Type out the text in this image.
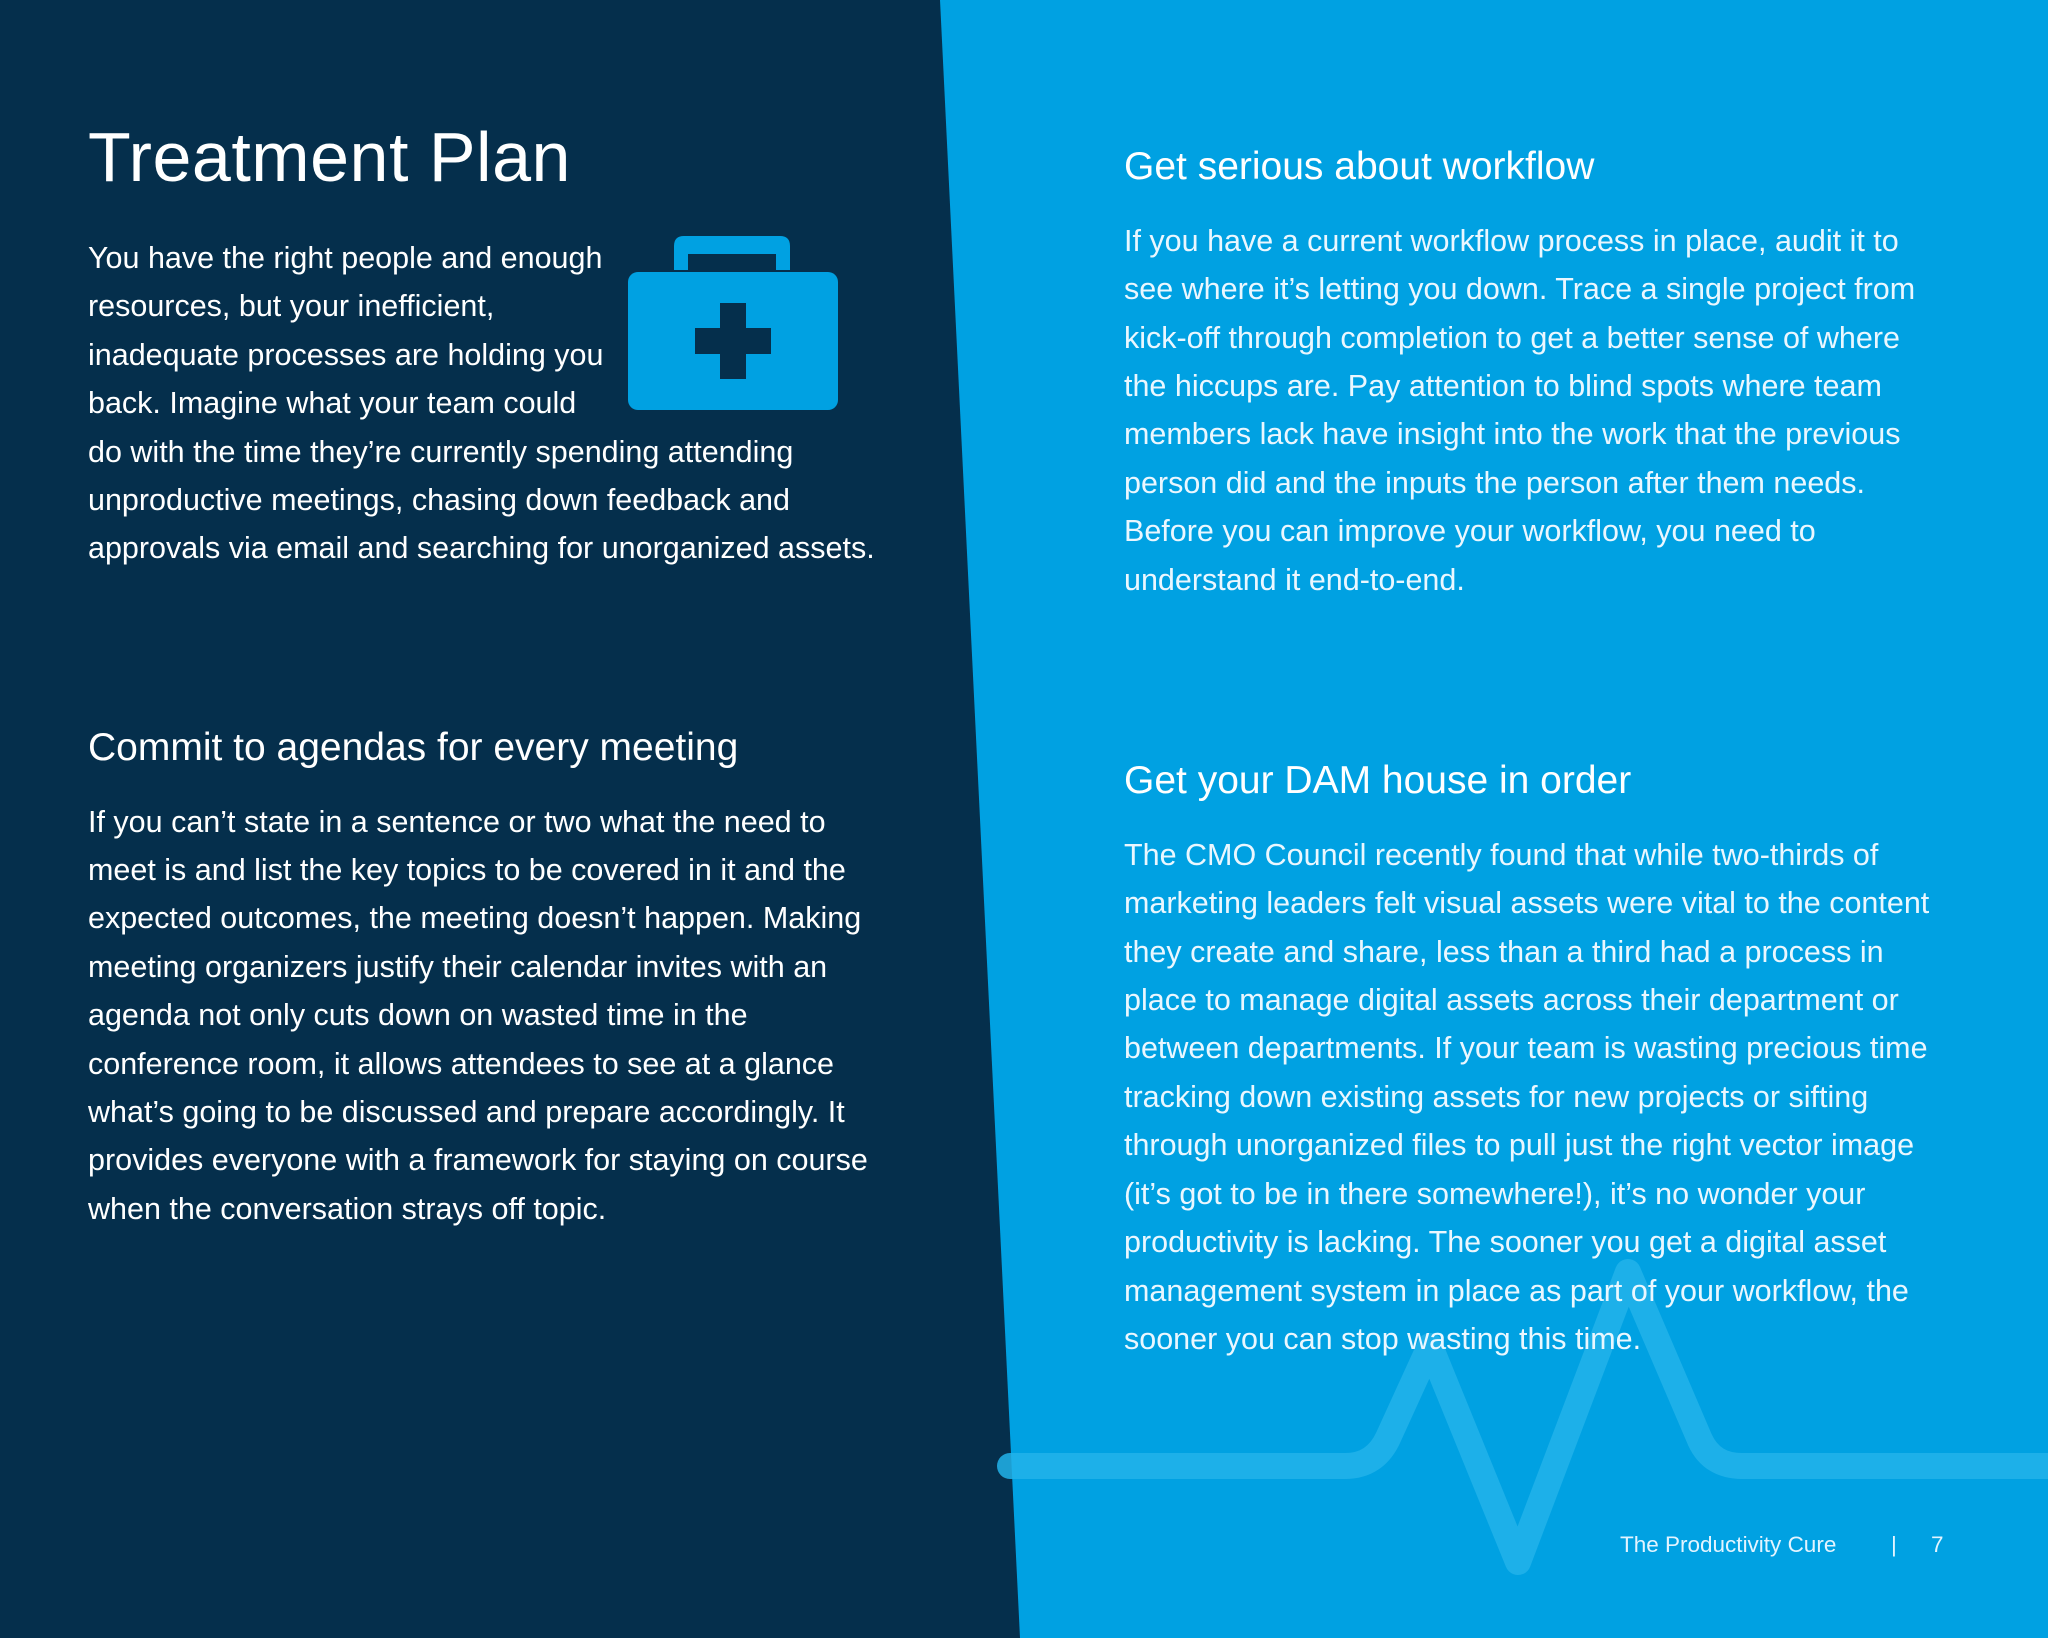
Treatment Plan

You have the right people and enough resources, but your inefficient, inadequate processes are holding you back. Imagine what your team could do with the time they’re currently spending attending unproductive meetings, chasing down feedback and approvals via email and searching for unorganized assets.

Commit to agendas for every meeting

If you can’t state in a sentence or two what the need to meet is and list the key topics to be covered in it and the expected outcomes, the meeting doesn’t happen. Making meeting organizers justify their calendar invites with an agenda not only cuts down on wasted time in the conference room, it allows attendees to see at a glance what’s going to be discussed and prepare accordingly. It provides everyone with a framework for staying on course when the conversation strays off topic.

Get serious about workflow

If you have a current workflow process in place, audit it to see where it’s letting you down. Trace a single project from kick-off through completion to get a better sense of where the hiccups are. Pay attention to blind spots where team members lack have insight into the work that the previous person did and the inputs the person after them needs. Before you can improve your workflow, you need to understand it end-to-end.

Get your DAM house in order

The CMO Council recently found that while two-thirds of marketing leaders felt visual assets were vital to the content they create and share, less than a third had a process in place to manage digital assets across their department or between departments. If your team is wasting precious time tracking down existing assets for new projects or sifting through unorganized files to pull just the right vector image (it’s got to be in there somewhere!), it’s no wonder your productivity is lacking. The sooner you get a digital asset management system in place as part of your workflow, the sooner you can stop wasting this time.

The Productivity Cure | 7
